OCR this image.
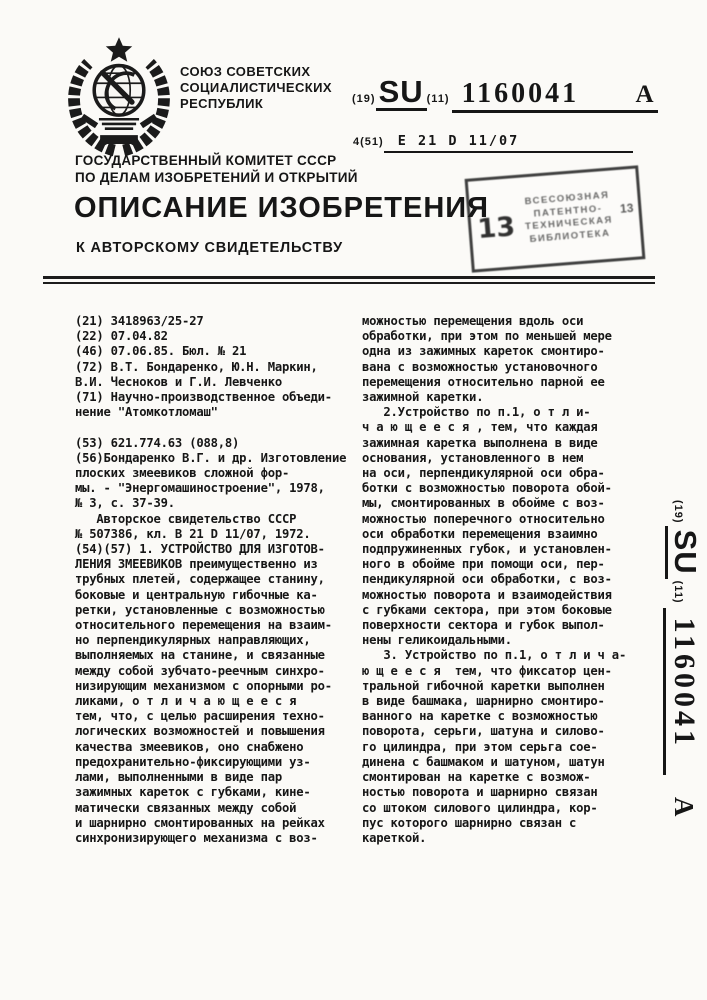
СОЮЗ СОВЕТСКИХ
СОЦИАЛИСТИЧЕСКИХ
РЕСПУБЛИК
ГОСУДАРСТВЕННЫЙ КОМИТЕТ СССР
ПО ДЕЛАМ ИЗОБРЕТЕНИЙ И ОТКРЫТИЙ
(19) SU (11) 1160041 A
4(51)	E 21 D 11/07
13
ВСЕСОЮЗНАЯ
ПАТЕНТНО-
ТЕХНИЧЕСКАЯ
БИБЛИОТЕКА
13
ОПИСАНИЕ ИЗОБРЕТЕНИЯ
К АВТОРСКОМУ СВИДЕТЕЛЬСТВУ
(21) 3418963/25-27
(22) 07.04.82
(46) 07.06.85. Бюл. № 21
(72) В.Т. Бондаренко, Ю.Н. Маркин,
В.И. Чесноков и Г.И. Левченко
(71) Научно-производственное объеди-
нение "Атомкотломаш"

(53) 621.774.63 (088,8)
(56)Бондаренко В.Г. и др. Изготовление
плоских змеевиков сложной фор-
мы. - "Энергомашиностроение", 1978,
№ 3, с. 37-39.
Авторское свидетельство СССР
№ 507386, кл. В 21 D 11/07, 1972.
(54)(57) 1. УСТРОЙСТВО ДЛЯ ИЗГОТОВ-
ЛЕНИЯ ЗМЕЕВИКОВ преимущественно из
трубных плетей, содержащее станину,
боковые и центральную гибочные ка-
ретки, установленные с возможностью
относительного перемещения на взаим-
но перпендикулярных направляющих,
выполняемых на станине, и связанные
между собой зубчато-реечным синхро-
низирующим механизмом с опорными ро-
ликами, о т л и ч а ю щ е е с я
тем, что, с целью расширения техно-
логических возможностей и повышения
качества змеевиков, оно снабжено
предохранительно-фиксирующими уз-
лами, выполненными в виде пар
зажимных кареток с губками, кине-
матически связанных между собой
и шарнирно смонтированных на рейках
синхронизирующего механизма с воз-
можностью перемещения вдоль оси
обработки, при этом по меньшей мере
одна из зажимных кареток смонтиро-
вана с возможностью установочного
перемещения относительно парной ее
зажимной каретки.
2.Устройство по п.1, о т л и-
ч а ю щ е е с я , тем, что каждая
зажимная каретка выполнена в виде
основания, установленного в нем
на оси, перпендикулярной оси обра-
ботки с возможностью поворота обой-
мы, смонтированных в обойме с воз-
можностью поперечного относительно
оси обработки перемещения взаимно
подпружиненных губок, и установлен-
ного в обойме при помощи оси, пер-
пендикулярной оси обработки, с воз-
можностью поворота и взаимодействия
с губками сектора, при этом боковые
поверхности сектора и губок выпол-
нены геликоидальными.
3. Устройство по п.1, о т л и ч а-
ю щ е е с я  тем, что фиксатор цен-
тральной гибочной каретки выполнен
в виде башмака, шарнирно смонтиро-
ванного на каретке с возможностью
поворота, серьги, шатуна и силово-
го цилиндра, при этом серьга сое-
динена с башмаком и шатуном, шатун
смонтирован на каретке с возмож-
ностью поворота и шарнирно связан
со штоком силового цилиндра, кор-
пус которого шарнирно связан с
кареткой.
(19)
SU
(11)
1160041
A
